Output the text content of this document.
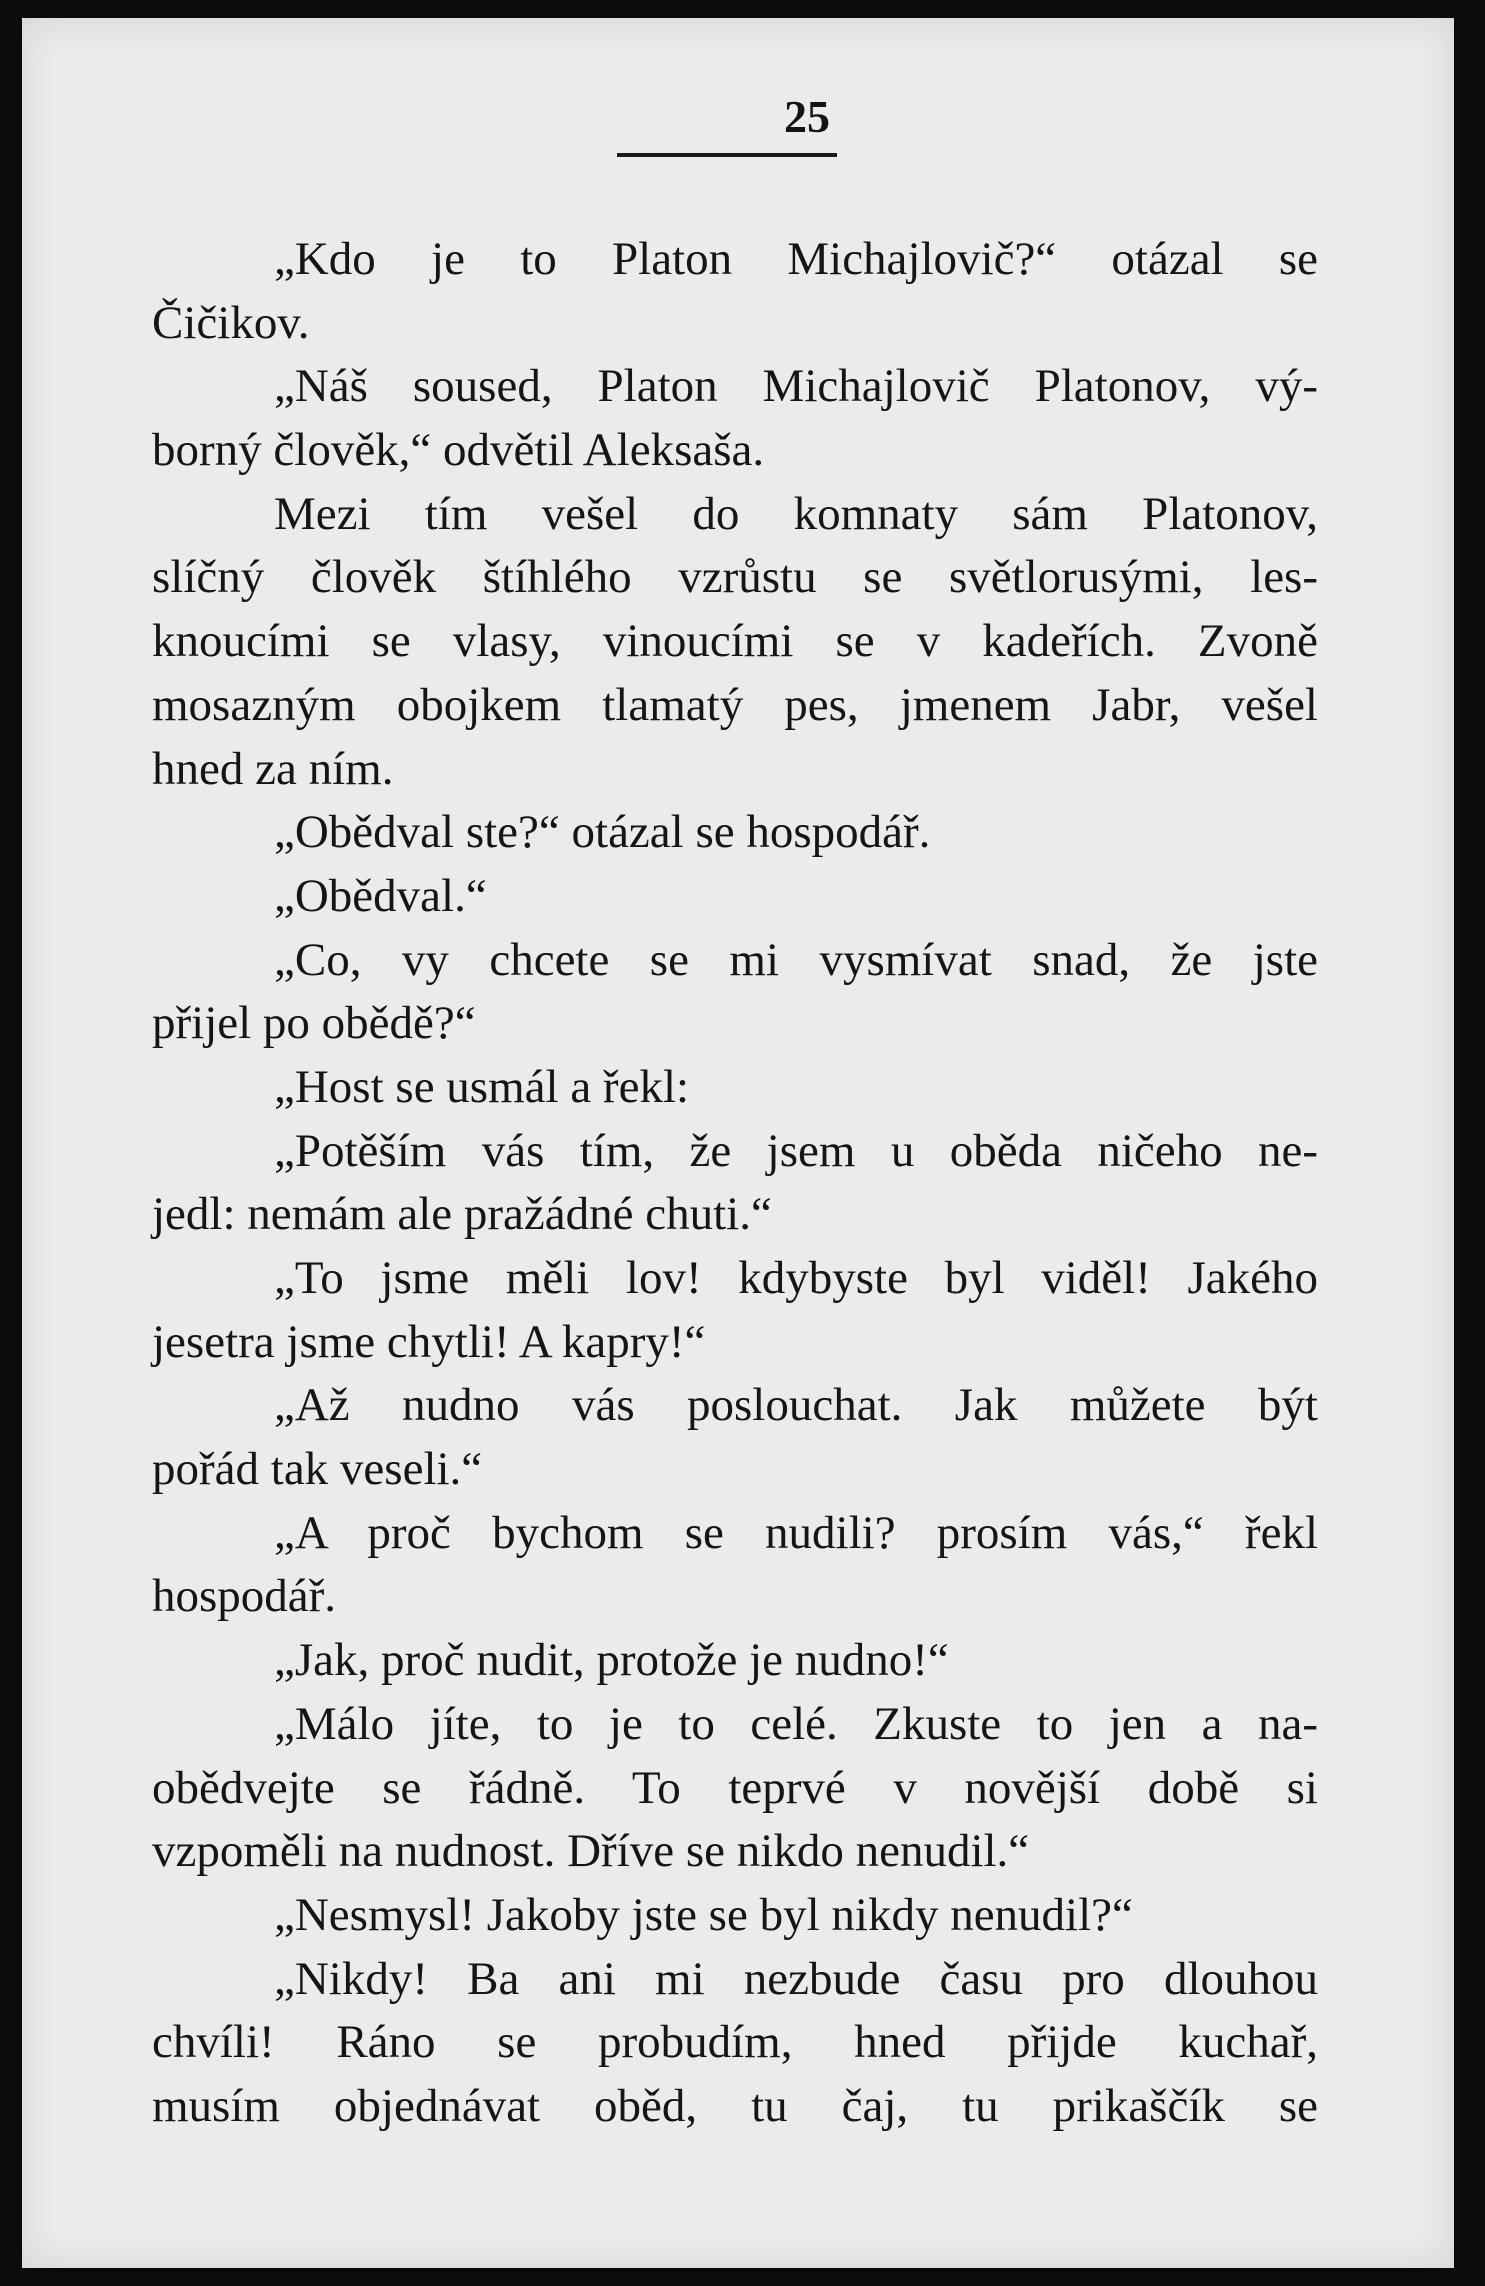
25
„Kdo je to Platon Michajlovič?“ otázal se
Čičikov.
„Náš soused, Platon Michajlovič Platonov, vý-
borný člověk,“ odvětil Aleksaša.
Mezi tím vešel do komnaty sám Platonov,
slíčný člověk štíhlého vzrůstu se světlorusými, les-
knoucími se vlasy, vinoucími se v kadeřích. Zvoně
mosazným obojkem tlamatý pes, jmenem Jabr, vešel
hned za ním.
„Obědval ste?“ otázal se hospodář.
„Obědval.“
„Co, vy chcete se mi vysmívat snad, že jste
přijel po obědě?“
„Host se usmál a řekl:
„Potěším vás tím, že jsem u oběda ničeho ne-
jedl: nemám ale pražádné chuti.“
„To jsme měli lov! kdybyste byl viděl! Jakého
jesetra jsme chytli! A kapry!“
„Až nudno vás poslouchat. Jak můžete být
pořád tak veseli.“
„A proč bychom se nudili? prosím vás,“ řekl
hospodář.
„Jak, proč nudit, protože je nudno!“
„Málo jíte, to je to celé. Zkuste to jen a na-
obědvejte se řádně. To teprvé v novější době si
vzpoměli na nudnost. Dříve se nikdo nenudil.“
„Nesmysl! Jakoby jste se byl nikdy nenudil?“
„Nikdy! Ba ani mi nezbude času pro dlouhou
chvíli! Ráno se probudím, hned přijde kuchař,
musím objednávat oběd, tu čaj, tu prikaščík se
